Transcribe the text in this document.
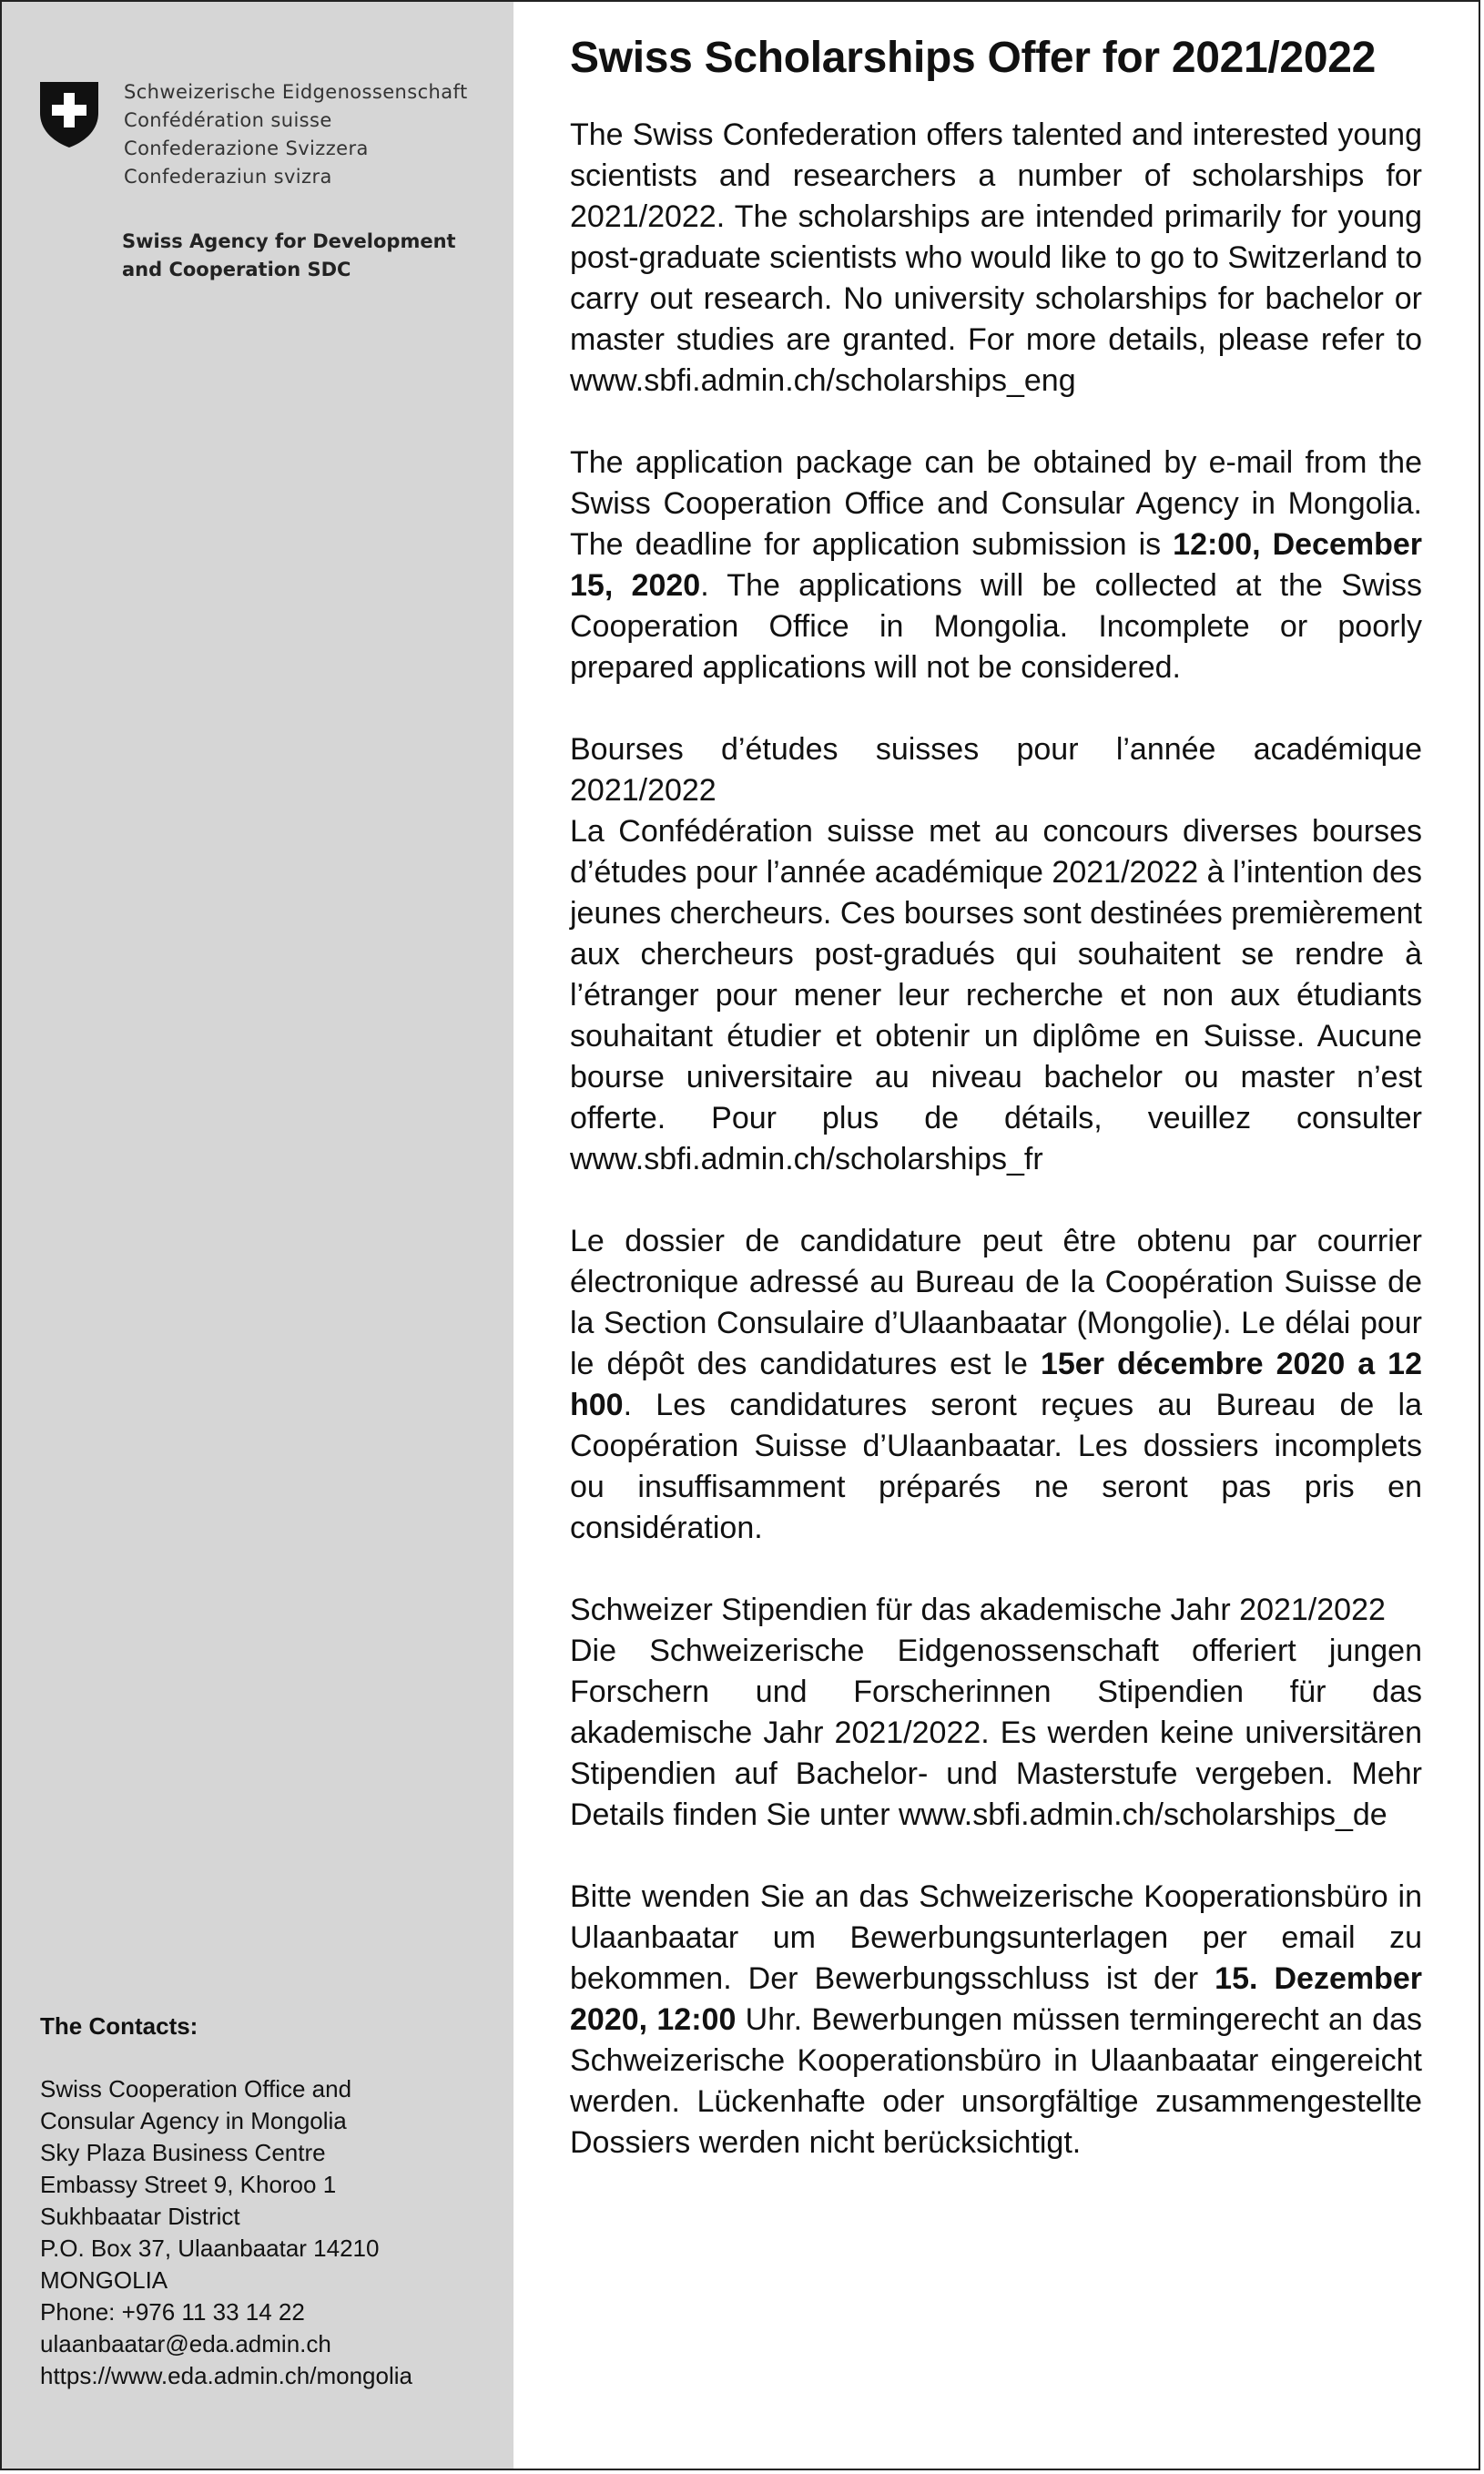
Schweizerische Eidgenossenschaft
Confédération suisse
Confederazione Svizzera
Confederaziun svizra
Swiss Agency for Development
and Cooperation SDC
The Contacts:
Swiss Cooperation Office and
Consular Agency in Mongolia
Sky Plaza Business Centre
Embassy Street 9, Khoroo 1
Sukhbaatar District
P.O. Box 37, Ulaanbaatar 14210
MONGOLIA
Phone: +976 11 33 14 22
ulaanbaatar@eda.admin.ch
https://www.eda.admin.ch/mongolia
Swiss Scholarships Offer for 2021/2022

The Swiss Confederation offers talented and interested young scientists and researchers a number of scholarships for 2021/2022. The scholarships are intended primarily for young post-graduate scientists who would like to go to Switzerland to carry out research. No university scholarships for bachelor or master studies are granted. For more details, please refer to www.sbfi.admin.ch/scholarships_eng

The application package can be obtained by e-mail from the Swiss Cooperation Office and Consular Agency in Mongolia. The deadline for application submission is 12:00, December 15, 2020. The applications will be collected at the Swiss Cooperation Office in Mongolia. Incomplete or poorly prepared applications will not be considered.

Bourses d’études suisses pour l’année académique 2021/2022
La Confédération suisse met au concours diverses bourses d’études pour l’année académique 2021/2022 à l’intention des jeunes chercheurs. Ces bourses sont destinées premièrement aux chercheurs post-gradués qui souhaitent se rendre à l’étranger pour mener leur recherche et non aux étudiants souhaitant étudier et obtenir un diplôme en Suisse. Aucune bourse universitaire au niveau bachelor ou master n’est offerte. Pour plus de détails, veuillez consulter www.sbfi.admin.ch/scholarships_fr

Le dossier de candidature peut être obtenu par courrier électronique adressé au Bureau de la Coopération Suisse de la Section Consulaire d’Ulaanbaatar (Mongolie). Le délai pour le dépôt des candidatures est le 15er décembre 2020 a 12 h00. Les candidatures seront reçues au Bureau de la Coopération Suisse d’Ulaanbaatar. Les dossiers incomplets ou insuffisamment préparés ne seront pas pris en considération.

Schweizer Stipendien für das akademische Jahr 2021/2022
Die Schweizerische Eidgenossenschaft offeriert jungen Forschern und Forscherinnen Stipendien für das akademische Jahr 2021/2022. Es werden keine universitären Stipendien auf Bachelor- und Masterstufe vergeben. Mehr Details finden Sie unter www.sbfi.admin.ch/scholarships_de

Bitte wenden Sie an das Schweizerische Kooperationsbüro in Ulaanbaatar um Bewerbungsunterlagen per email zu bekommen. Der Bewerbungsschluss ist der 15. Dezember 2020, 12:00 Uhr. Bewerbungen müssen termingerecht an das Schweizerische Kooperationsbüro in Ulaanbaatar eingereicht werden. Lückenhafte oder unsorgfältige zusammengestellte Dossiers werden nicht berücksichtigt.
